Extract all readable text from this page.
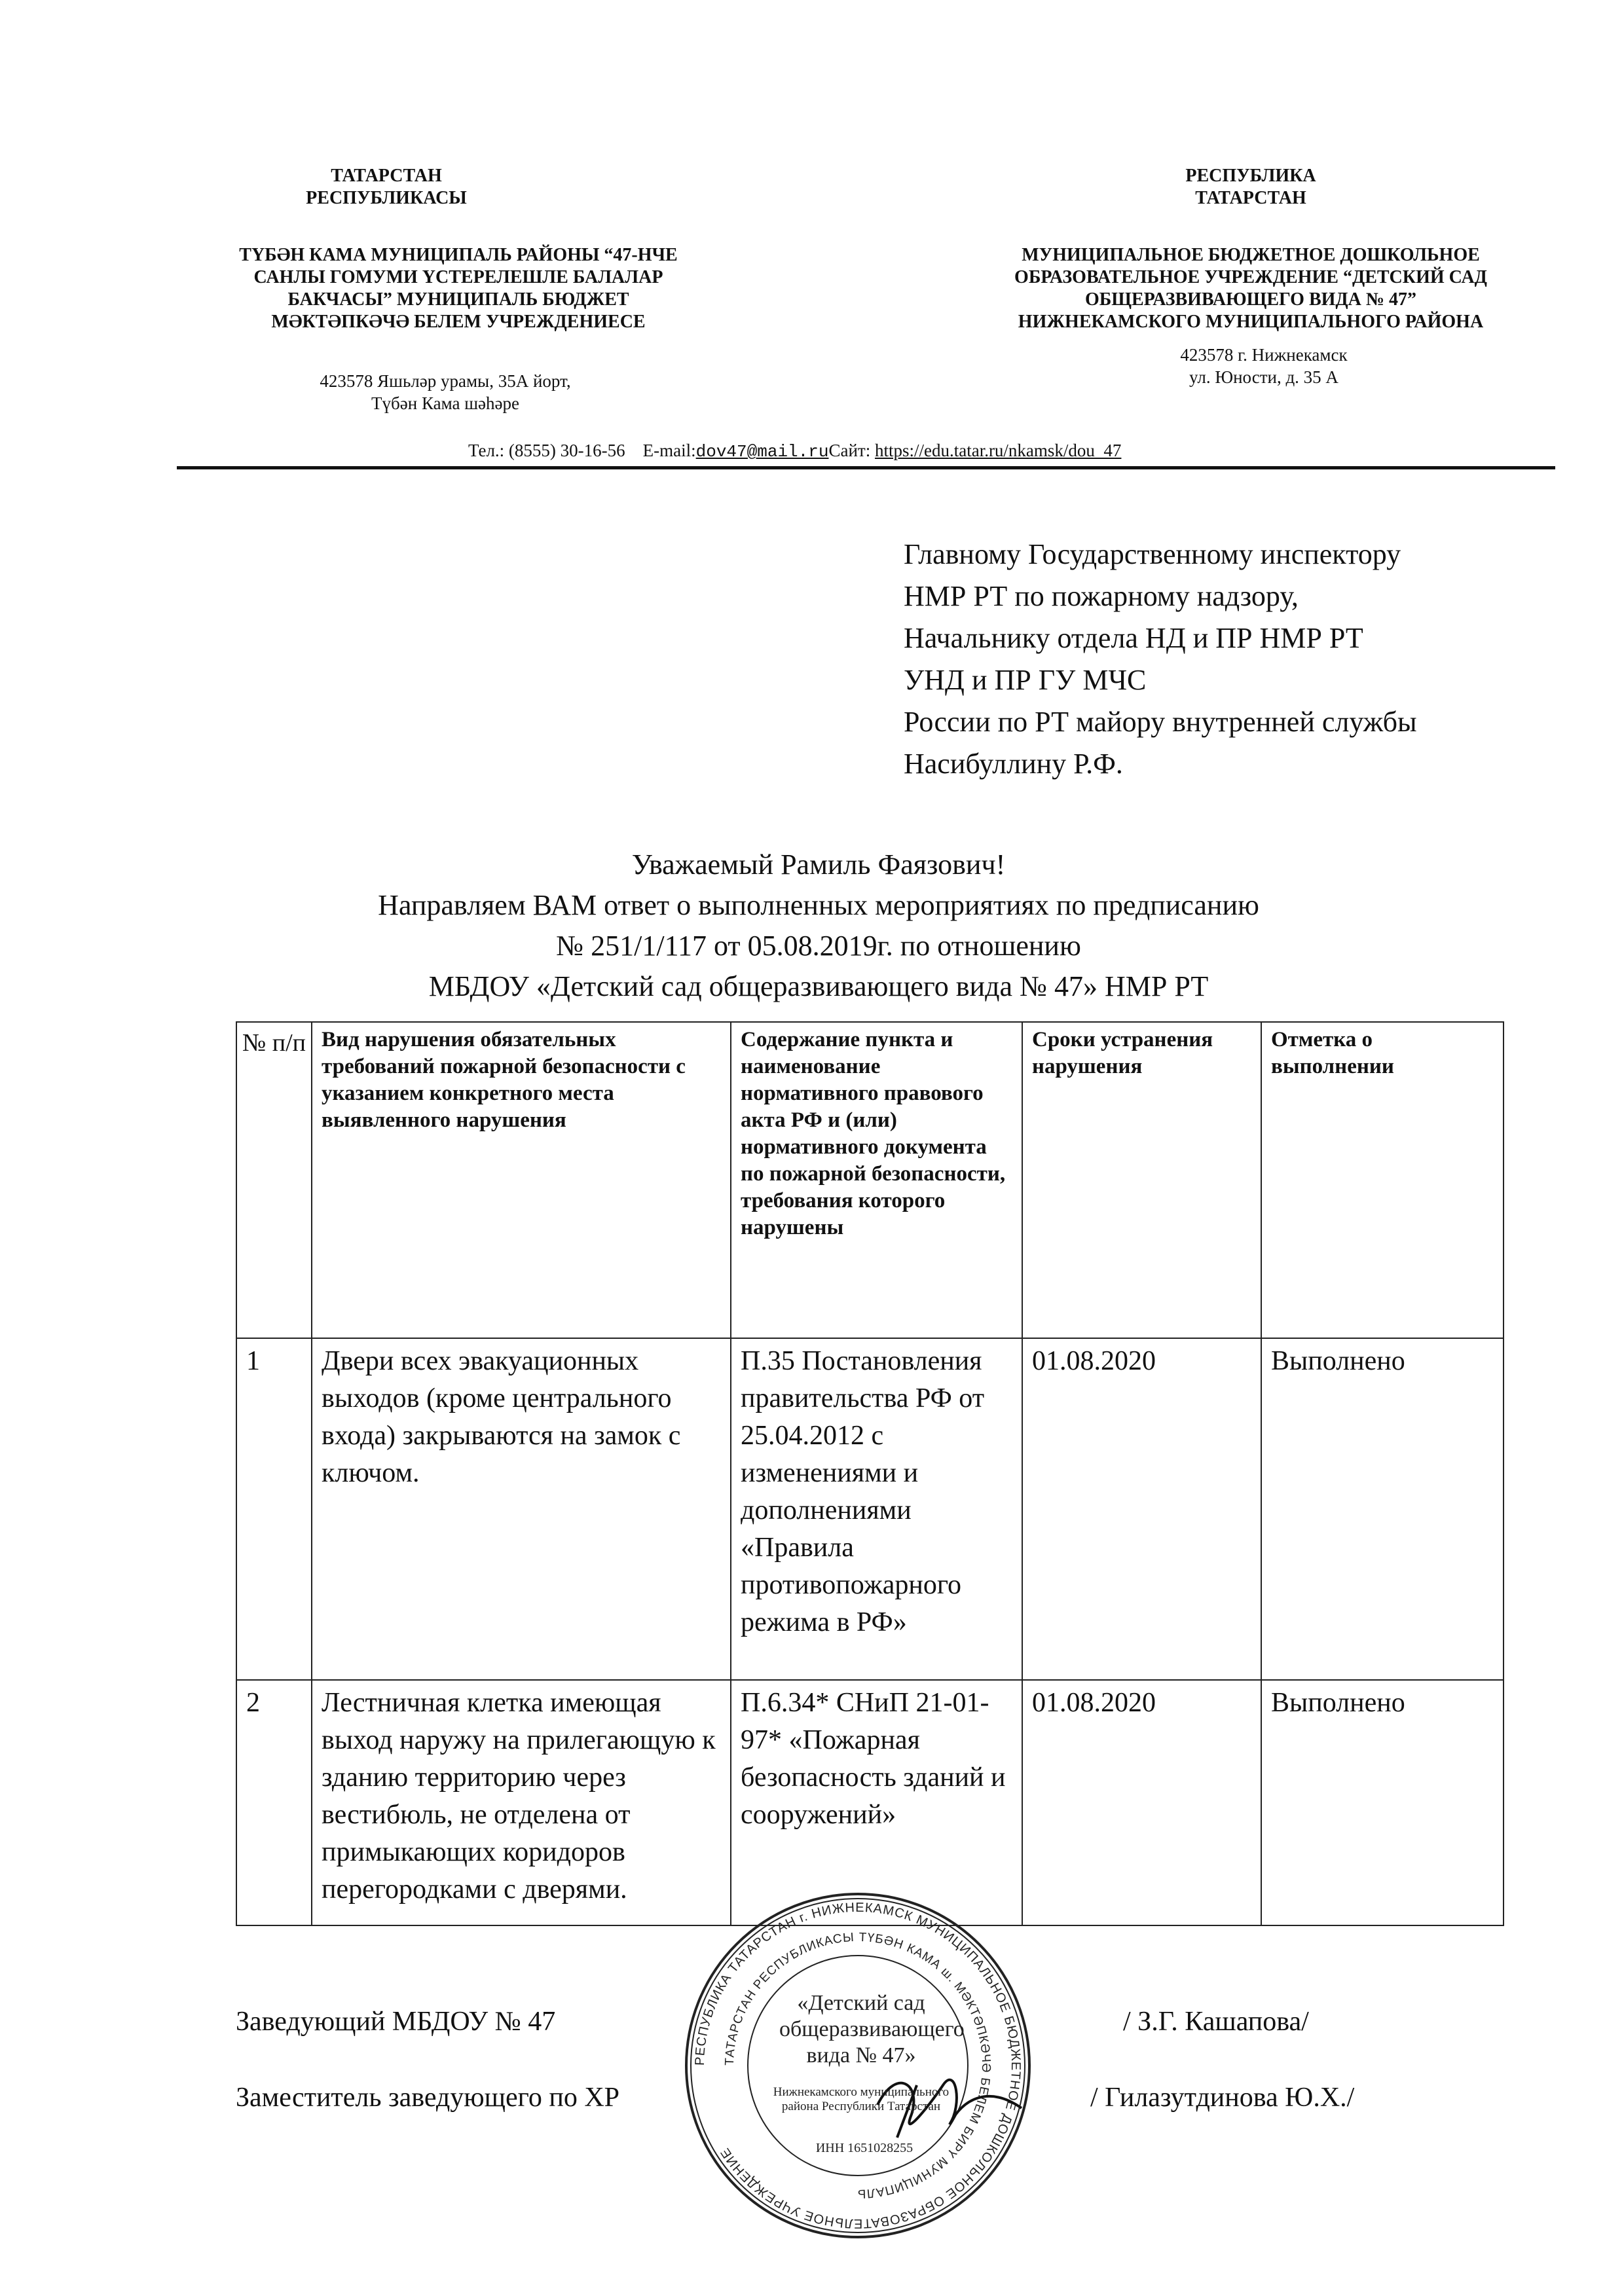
ТАТАРСТАН
РЕСПУБЛИКАСЫ
ТҮБӘН КАМА МУНИЦИПАЛЬ РАЙОНЫ “47-НЧЕ
САНЛЫ ГОМУМИ ҮСТЕРЕЛЕШЛЕ БАЛАЛАР
БАКЧАСЫ” МУНИЦИПАЛЬ БЮДЖЕТ
МӘКТӘПКӘЧӘ БЕЛЕМ УЧРЕЖДЕНИЕСЕ
423578 Яшьләр урамы, 35А йорт,
Түбән Кама шәһәре
РЕСПУБЛИКА
ТАТАРСТАН
МУНИЦИПАЛЬНОЕ БЮДЖЕТНОЕ ДОШКОЛЬНОЕ
ОБРАЗОВАТЕЛЬНОЕ УЧРЕЖДЕНИЕ “ДЕТСКИЙ САД
ОБЩЕРАЗВИВАЮЩЕГО ВИДА № 47”
НИЖНЕКАМСКОГО МУНИЦИПАЛЬНОГО РАЙОНА
423578 г. Нижнекамск
ул. Юности, д. 35 А
Тел.: (8555) 30-16-56 E-mail:dov47@mail.ruСайт: https://edu.tatar.ru/nkamsk/dou_47
Главному Государственному инспектору
НМР РТ по пожарному надзору,
Начальнику отдела НД и ПР НМР РТ
УНД и ПР ГУ МЧС
России по РТ майору внутренней службы
Насибуллину Р.Ф.
Уважаемый Рамиль Фаязович!
Направляем ВАМ ответ о выполненных мероприятиях по предписанию
№ 251/1/117 от 05.08.2019г. по отношению
МБДОУ «Детский сад общеразвивающего вида № 47» НМР РТ
№ п/п	Вид нарушения обязательных требований пожарной безопасности с указанием конкретного места выявленного нарушения	Содержание пункта и наименование нормативного правового акта РФ и (или) нормативного документа по пожарной безопасности, требования которого нарушены	Сроки устранения нарушения	Отметка о выполнении
1	Двери всех эвакуационных выходов (кроме центрального входа) закрываются на замок с ключом.	П.35 Постановления правительства РФ от 25.04.2012 с изменениями и дополнениями «Правила противопожарного режима в РФ»	01.08.2020	Выполнено
2	Лестничная клетка имеющая выход наружу на прилегающую к зданию территорию через вестибюль, не отделена от примыкающих коридоров перегородками с дверями.	П.6.34* СНиП 21-01-97* «Пожарная безопасность зданий и сооружений»	01.08.2020	Выполнено
Заведующий МБДОУ № 47	/ З.Г. Кашапова/
Заместитель заведующего по ХР	/ Гилазутдинова Ю.Х./
РЕСПУБЛИКА ТАТАРСТАН г. НИЖНЕКАМСК МУНИЦИПАЛЬНОЕ БЮДЖЕТНОЕ ДОШКОЛЬНОЕ ОБРАЗОВАТЕЛЬНОЕ УЧРЕЖДЕНИЕ
ТАТАРСТАН РЕСПУБЛИКАСЫ ТҮБӘН КАМА ш. МӘКТӘПКӘЧӘ БЕЛЕМ БИРҮ МУНИЦИПАЛЬ
«Детский сад
общеразвивающего
вида № 47»
Нижнекамского муниципального
района Республики Татарстан
ИНН 1651028255
